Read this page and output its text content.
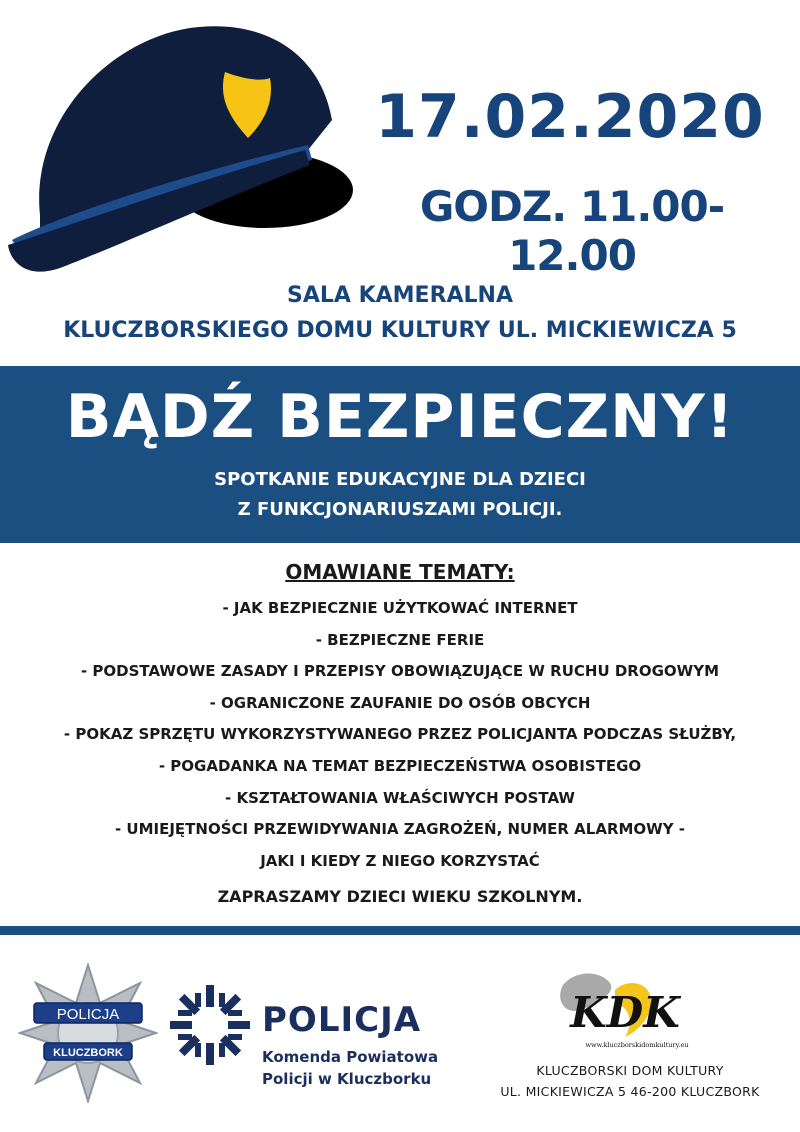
17.02.2020
GODZ. 11.00- 12.00
SALA KAMERALNA
KLUCZBORSKIEGO DOMU KULTURY UL. MICKIEWICZA 5
BĄDŹ BEZPIECZNY!
SPOTKANIE EDUKACYJNE DLA DZIECI
Z FUNKCJONARIUSZAMI POLICJI.
OMAWIANE TEMATY:
- JAK BEZPIECZNIE UŻYTKOWAĆ INTERNET
- BEZPIECZNE FERIE
- PODSTAWOWE ZASADY I PRZEPISY OBOWIĄZUJĄCE W RUCHU DROGOWYM
- OGRANICZONE ZAUFANIE DO OSÓB OBCYCH
- POKAZ SPRZĘTU WYKORZYSTYWANEGO PRZEZ POLICJANTA PODCZAS SŁUŻBY,
- POGADANKA NA TEMAT BEZPIECZEŃSTWA OSOBISTEGO
- KSZTAŁTOWANIA WŁAŚCIWYCH POSTAW
- UMIEJĘTNOŚCI PRZEWIDYWANIA ZAGROŻEŃ, NUMER ALARMOWY -
JAKI I KIEDY Z NIEGO KORZYSTAĆ
ZAPRASZAMY DZIECI WIEKU SZKOLNYM.
POLICJA
KLUCZBORK
POLICJA
Komenda Powiatowa
Policji w Kluczborku
KDK
www.kluczborskidomkultury.eu
KLUCZBORSKI DOM KULTURY
UL. MICKIEWICZA 5 46-200 KLUCZBORK
